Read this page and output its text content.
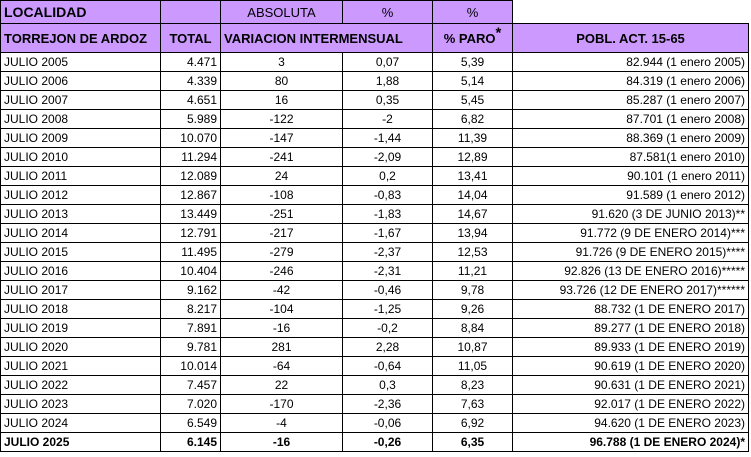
LOCALIDAD		ABSOLUTA	%	%	
TORREJON DE ARDOZ	TOTAL	VARIACION INTERMENSUAL		% PARO*	POBL. ACT. 15-65
JULIO 2005	4.471	3	0,07	5,39	82.944 (1 enero 2005)
JULIO 2006	4.339	80	1,88	5,14	84.319 (1 enero 2006)
JULIO 2007	4.651	16	0,35	5,45	85.287 (1 enero 2007)
JULIO 2008	5.989	-122	-2	6,82	87.701 (1 enero 2008)
JULIO 2009	10.070	-147	-1,44	11,39	88.369 (1 enero 2009)
JULIO 2010	11.294	-241	-2,09	12,89	87.581(1 enero 2010)
JULIO 2011	12.089	24	0,2	13,41	90.101 (1 enero 2011)
JULIO 2012	12.867	-108	-0,83	14,04	91.589 (1 enero 2012)
JULIO 2013	13.449	-251	-1,83	14,67	91.620 (3 DE JUNIO 2013)**
JULIO 2014	12.791	-217	-1,67	13,94	91.772 (9 DE ENERO 2014)***
JULIO 2015	11.495	-279	-2,37	12,53	91.726 (9 DE ENERO 2015)****
JULIO 2016	10.404	-246	-2,31	11,21	92.826 (13 DE ENERO 2016)*****
JULIO 2017	9.162	-42	-0,46	9,78	93.726 (12 DE ENERO 2017)******
JULIO 2018	8.217	-104	-1,25	9,26	88.732 (1 DE ENERO 2017)
JULIO 2019	7.891	-16	-0,2	8,84	89.277 (1 DE ENERO 2018)
JULIO 2020	9.781	281	2,28	10,87	89.933 (1 DE ENERO 2019)
JULIO 2021	10.014	-64	-0,64	11,05	90.619 (1 DE ENERO 2020)
JULIO 2022	7.457	22	0,3	8,23	90.631 (1 DE ENERO 2021)
JULIO 2023	7.020	-170	-2,36	7,63	92.017 (1 DE ENERO 2022)
JULIO 2024	6.549	-4	-0,06	6,92	94.620 (1 DE ENERO 2023)
JULIO 2025	6.145	-16	-0,26	6,35	96.788 (1 DE ENERO 2024)*
